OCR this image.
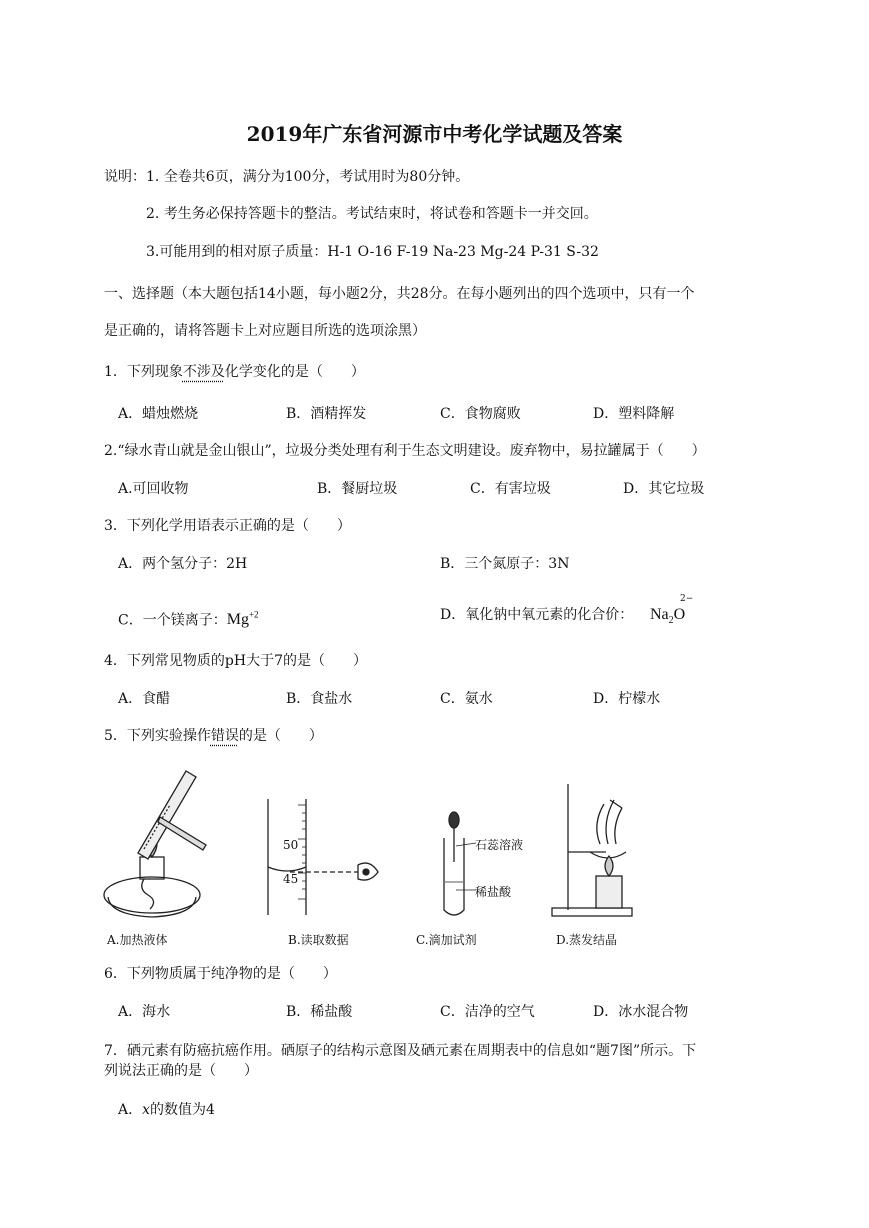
2019年广东省河源市中考化学试题及答案
说明： 1. 全卷共6页，满分为100分，考试用时为80分钟。
2. 考生务必保持答题卡的整洁。考试结束时，将试卷和答题卡一并交回。
3.可能用到的相对原子质量：H-1 O-16 F-19 Na-23 Mg-24 P-31 S-32
一、选择题（本大题包括14小题，每小题2分，共28分。在每小题列出的四个选项中，只有一个
是正确的，请将答题卡上对应题目所选的选项涂黑）
1．下列现象不涉及化学变化的是（　　）
A．蜡烛燃烧	B．酒精挥发	C．食物腐败	D．塑料降解
2.“绿水青山就是金山银山”，垃圾分类处理有利于生态文明建设。废弃物中，易拉罐属于（　　）
A.可回收物	B．餐厨垃圾	C．有害垃圾	D．其它垃圾
3．下列化学用语表示正确的是（　　）
A．两个氢分子：2H	B．三个氮原子：3N
C．一个镁离子：$Mg^{+2}$	D．氧化钠中氧元素的化合价： $Na_2O$
2−
4．下列常见物质的pH大于7的是（　　）
A．食醋	B．食盐水	C．氨水	D．柠檬水
5．下列实验操作错误的是（　　）
A.加热液体
50
45
B.读取数据
石蕊溶液
稀盐酸
C.滴加试剂	D.蒸发结晶
6．下列物质属于纯净物的是（　　）
A．海水	B．稀盐酸	C．洁净的空气	D．冰水混合物
7．硒元素有防癌抗癌作用。硒原子的结构示意图及硒元素在周期表中的信息如“题7图”所示。下
列说法正确的是（　　）
A．x的数值为4
